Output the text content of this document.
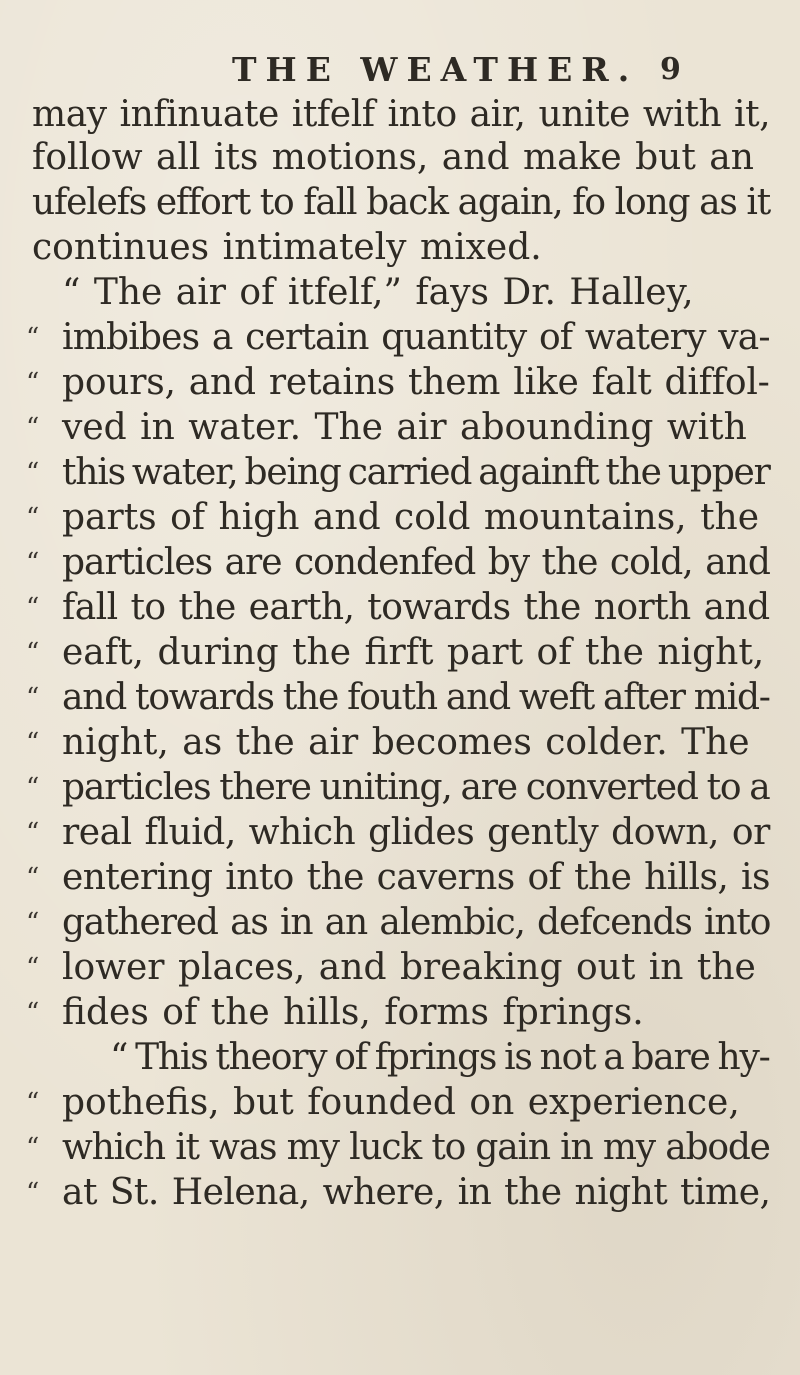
THE WEATHER. 9
may infinuate itfelf into air, unite with it,
follow all its motions, and make but an
ufelefs effort to fall back again, fo long as it
continues intimately mixed.
“ The air of itfelf,” fays Dr. Halley,
“ imbibes a certain quantity of watery va-
“ pours, and retains them like falt diffol-
“ ved in water. The air abounding with
“ this water, being carried againft the upper
“ parts of high and cold mountains, the
“ particles are condenfed by the cold, and
“ fall to the earth, towards the north and
“ eaft, during the firft part of the night,
“ and towards the fouth and weft after mid-
“ night, as the air becomes colder. The
“ particles there uniting, are converted to a
“ real fluid, which glides gently down, or
“ entering into the caverns of the hills, is
“ gathered as in an alembic, defcends into
“ lower places, and breaking out in the
“ fides of the hills, forms fprings.
“ This theory of fprings is not a bare hy-
“ pothefis, but founded on experience,
“ which it was my luck to gain in my abode
“ at St. Helena, where, in the night time,
